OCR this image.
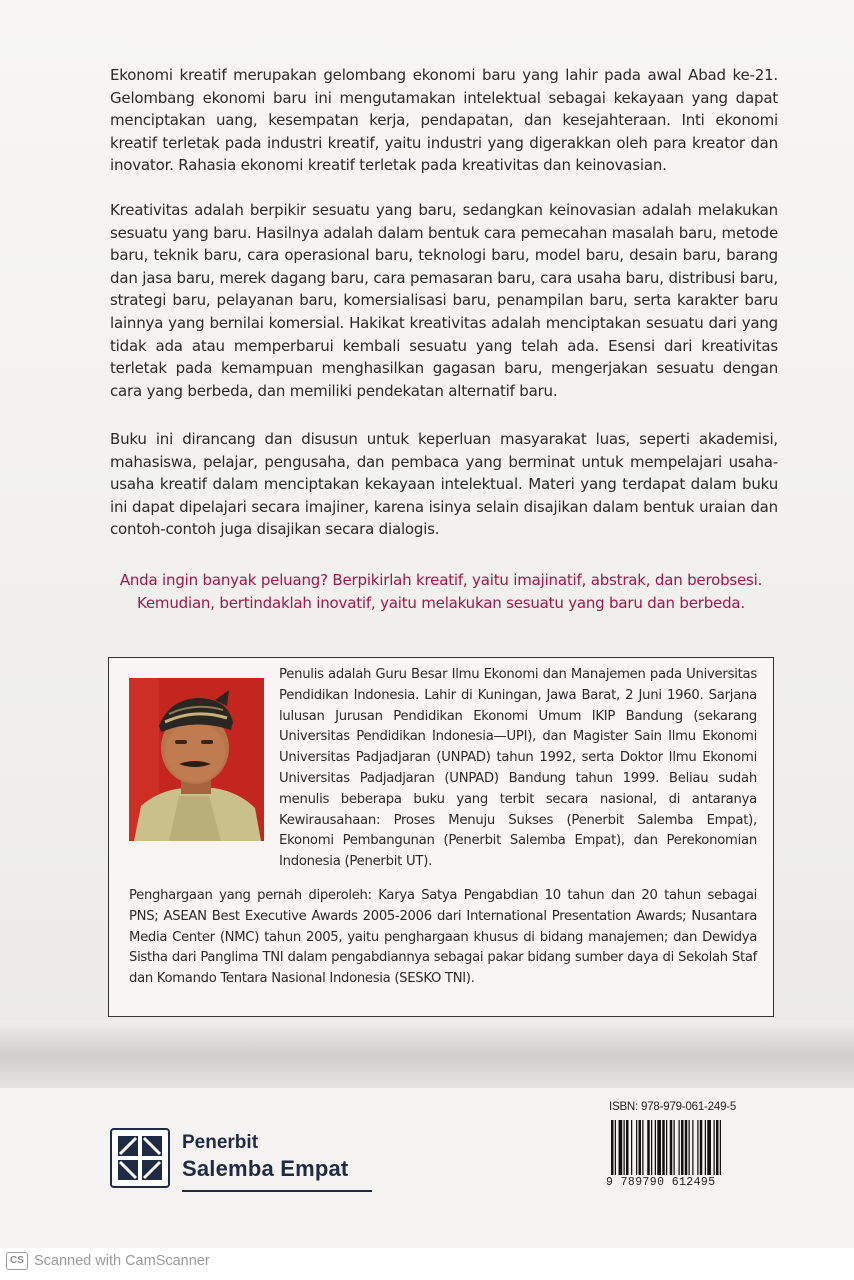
Ekonomi kreatif merupakan gelombang ekonomi baru yang lahir pada awal Abad ke-21. Gelombang ekonomi baru ini mengutamakan intelektual sebagai kekayaan yang dapat menciptakan uang, kesempatan kerja, pendapatan, dan kesejahteraan. Inti ekonomi kreatif terletak pada industri kreatif, yaitu industri yang digerakkan oleh para kreator dan inovator. Rahasia ekonomi kreatif terletak pada kreativitas dan keinovasian.

Kreativitas adalah berpikir sesuatu yang baru, sedangkan keinovasian adalah melakukan sesuatu yang baru. Hasilnya adalah dalam bentuk cara pemecahan masalah baru, metode baru, teknik baru, cara operasional baru, teknologi baru, model baru, desain baru, barang dan jasa baru, merek dagang baru, cara pemasaran baru, cara usaha baru, distribusi baru, strategi baru, pelayanan baru, komersialisasi baru, penampilan baru, serta karakter baru lainnya yang bernilai komersial. Hakikat kreativitas adalah menciptakan sesuatu dari yang tidak ada atau memperbarui kembali sesuatu yang telah ada. Esensi dari kreativitas terletak pada kemampuan menghasilkan gagasan baru, mengerjakan sesuatu dengan cara yang berbeda, dan memiliki pendekatan alternatif baru.

Buku ini dirancang dan disusun untuk keperluan masyarakat luas, seperti akademisi, mahasiswa, pelajar, pengusaha, dan pembaca yang berminat untuk mempelajari usaha-usaha kreatif dalam menciptakan kekayaan intelektual. Materi yang terdapat dalam buku ini dapat dipelajari secara imajiner, karena isinya selain disajikan dalam bentuk uraian dan contoh-contoh juga disajikan secara dialogis.

Anda ingin banyak peluang? Berpikirlah kreatif, yaitu imajinatif, abstrak, dan berobsesi.
Kemudian, bertindaklah inovatif, yaitu melakukan sesuatu yang baru dan berbeda.

Penulis adalah Guru Besar Ilmu Ekonomi dan Manajemen pada Universitas Pendidikan Indonesia. Lahir di Kuningan, Jawa Barat, 2 Juni 1960. Sarjana lulusan Jurusan Pendidikan Ekonomi Umum IKIP Bandung (sekarang Universitas Pendidikan Indonesia—UPI), dan Magister Sain Ilmu Ekonomi Universitas Padjadjaran (UNPAD) tahun 1992, serta Doktor Ilmu Ekonomi Universitas Padjadjaran (UNPAD) Bandung tahun 1999. Beliau sudah menulis beberapa buku yang terbit secara nasional, di antaranya Kewirausahaan: Proses Menuju Sukses (Penerbit Salemba Empat), Ekonomi Pembangunan (Penerbit Salemba Empat), dan Perekonomian Indonesia (Penerbit UT).

Penghargaan yang pernah diperoleh: Karya Satya Pengabdian 10 tahun dan 20 tahun sebagai PNS; ASEAN Best Executive Awards 2005-2006 dari International Presentation Awards; Nusantara Media Center (NMC) tahun 2005, yaitu penghargaan khusus di bidang manajemen; dan Dewidya Sistha dari Panglima TNI dalam pengabdiannya sebagai pakar bidang sumber daya di Sekolah Staf dan Komando Tentara Nasional Indonesia (SESKO TNI).

Penerbit
Salemba Empat
ISBN: 978-979-061-249-5
9 789790 612495
CS Scanned with CamScanner
